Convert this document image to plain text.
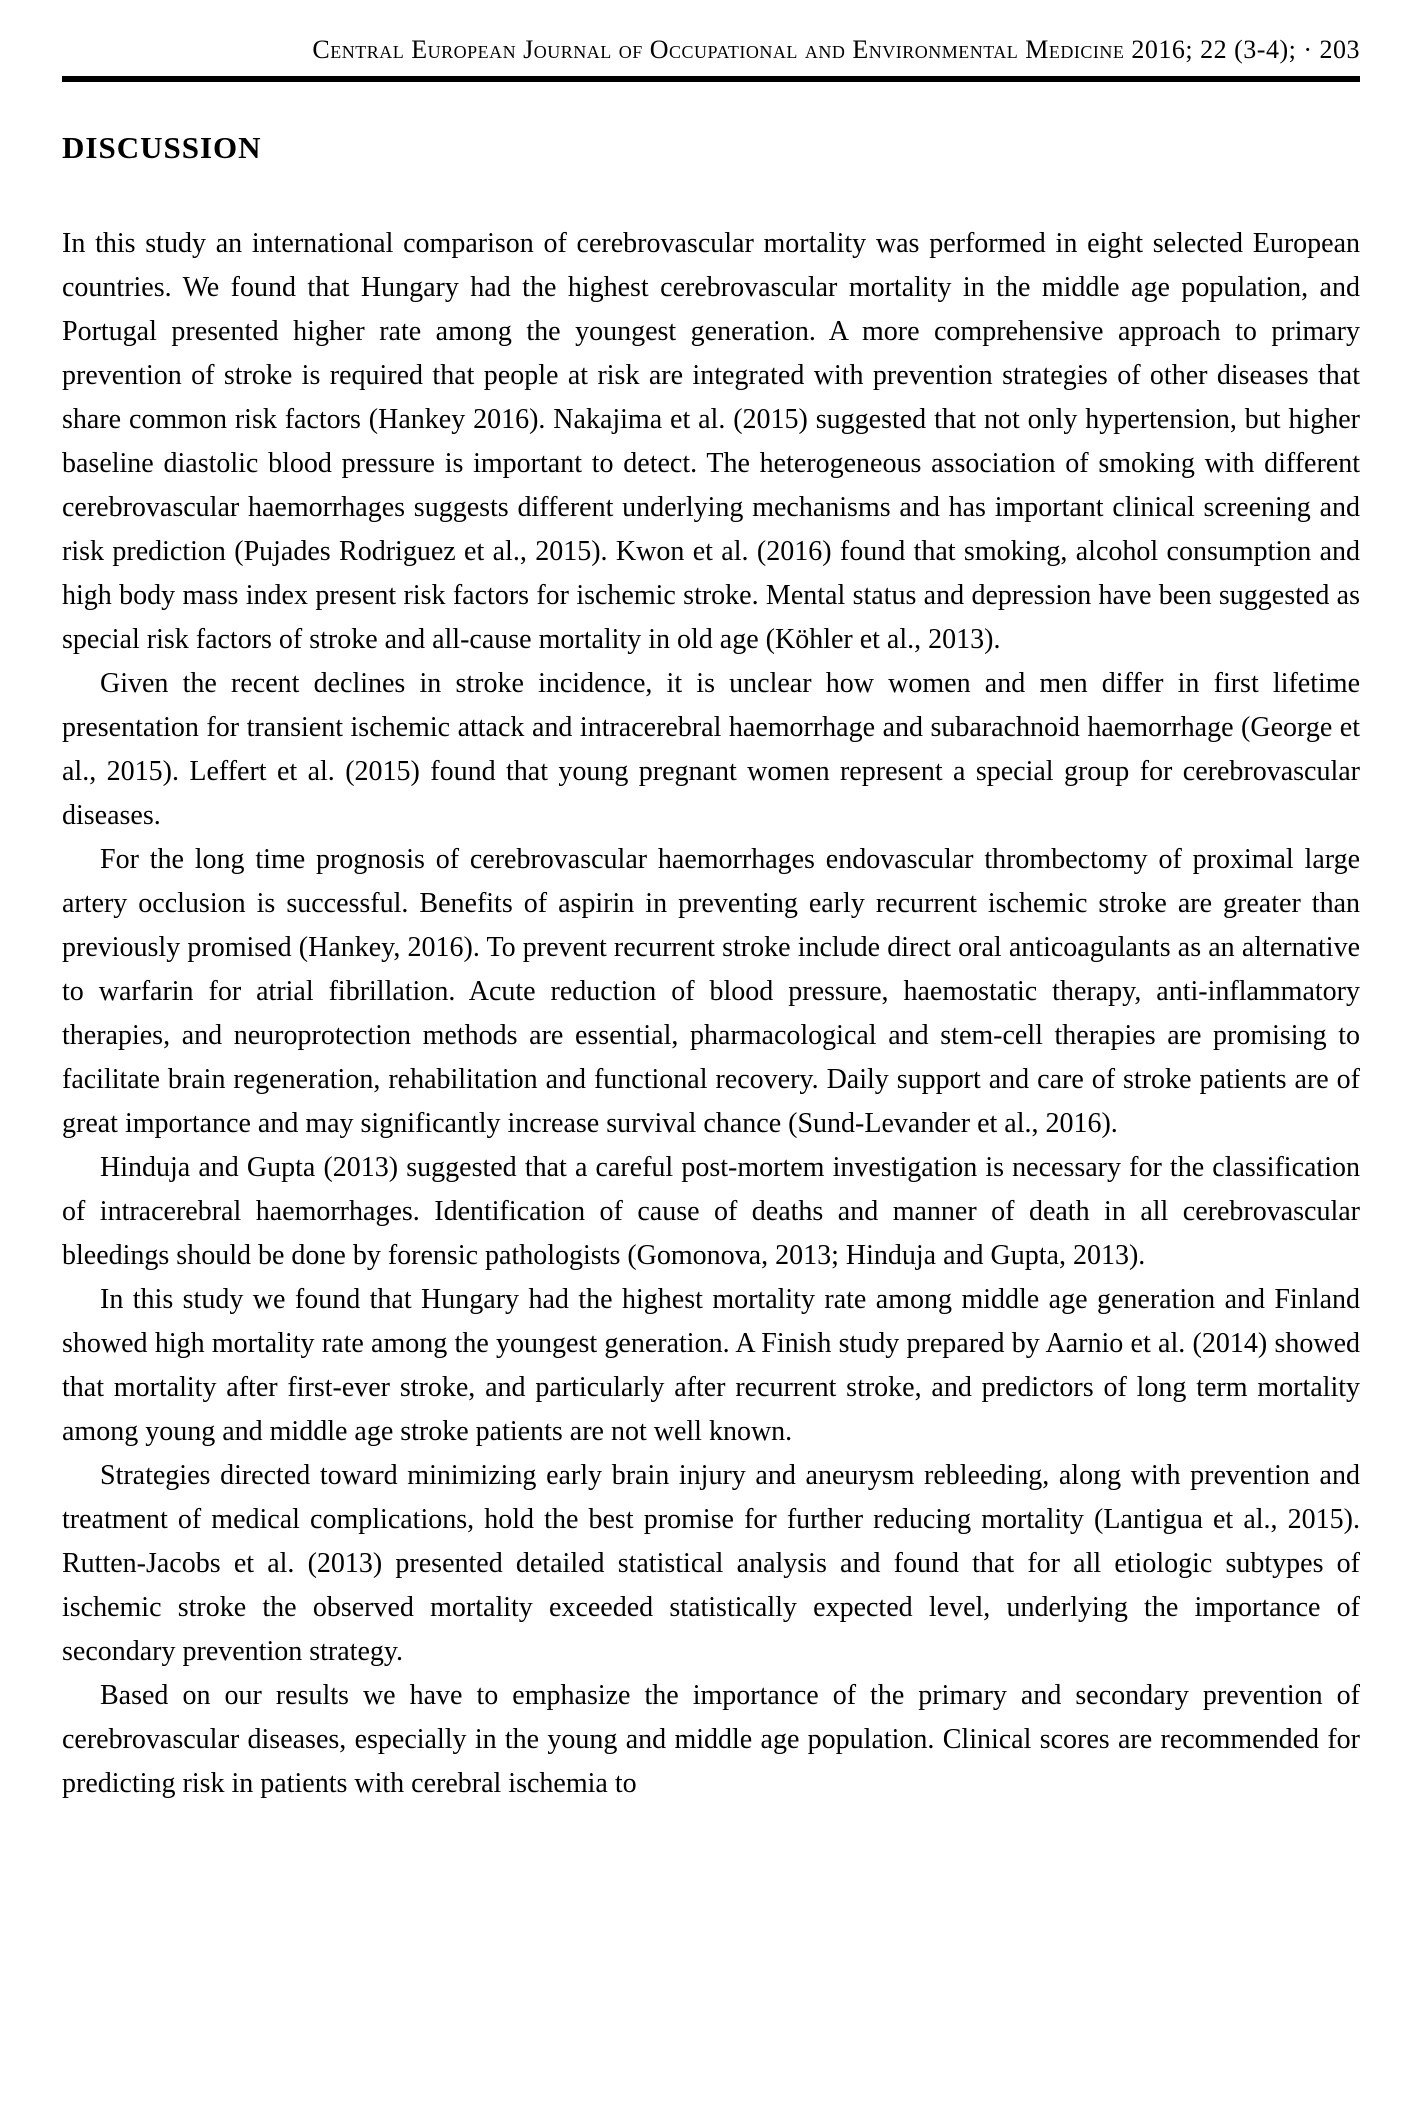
Central European Journal of Occupational and Environmental Medicine 2016; 22 (3-4); · 203
DISCUSSION

In this study an international comparison of cerebrovascular mortality was performed in eight selected European countries. We found that Hungary had the highest cerebrovascular mortality in the middle age population, and Portugal presented higher rate among the youngest generation. A more comprehensive approach to primary prevention of stroke is required that people at risk are integrated with prevention strategies of other diseases that share common risk factors (Hankey 2016). Nakajima et al. (2015) suggested that not only hypertension, but higher baseline diastolic blood pressure is important to detect. The heterogeneous association of smoking with different cerebrovascular haemorrhages suggests different underlying mechanisms and has important clinical screening and risk prediction (Pujades Rodriguez et al., 2015). Kwon et al. (2016) found that smoking, alcohol consumption and high body mass index present risk factors for ischemic stroke. Mental status and depression have been suggested as special risk factors of stroke and all-cause mortality in old age (Köhler et al., 2013).

Given the recent declines in stroke incidence, it is unclear how women and men differ in first lifetime presentation for transient ischemic attack and intracerebral haemorrhage and subarachnoid haemorrhage (George et al., 2015). Leffert et al. (2015) found that young pregnant women represent a special group for cerebrovascular diseases.

For the long time prognosis of cerebrovascular haemorrhages endovascular thrombectomy of proximal large artery occlusion is successful. Benefits of aspirin in preventing early recurrent ischemic stroke are greater than previously promised (Hankey, 2016). To prevent recurrent stroke include direct oral anticoagulants as an alternative to warfarin for atrial fibrillation. Acute reduction of blood pressure, haemostatic therapy, anti-inflammatory therapies, and neuroprotection methods are essential, pharmacological and stem-cell therapies are promising to facilitate brain regeneration, rehabilitation and functional recovery. Daily support and care of stroke patients are of great importance and may significantly increase survival chance (Sund-Levander et al., 2016).

Hinduja and Gupta (2013) suggested that a careful post-mortem investigation is necessary for the classification of intracerebral haemorrhages. Identification of cause of deaths and manner of death in all cerebrovascular bleedings should be done by forensic pathologists (Gomonova, 2013; Hinduja and Gupta, 2013).

In this study we found that Hungary had the highest mortality rate among middle age generation and Finland showed high mortality rate among the youngest generation. A Finish study prepared by Aarnio et al. (2014) showed that mortality after first-ever stroke, and particularly after recurrent stroke, and predictors of long term mortality among young and middle age stroke patients are not well known.

Strategies directed toward minimizing early brain injury and aneurysm rebleeding, along with prevention and treatment of medical complications, hold the best promise for further reducing mortality (Lantigua et al., 2015). Rutten-Jacobs et al. (2013) presented detailed statistical analysis and found that for all etiologic subtypes of ischemic stroke the observed mortality exceeded statistically expected level, underlying the importance of secondary prevention strategy.

Based on our results we have to emphasize the importance of the primary and secondary prevention of cerebrovascular diseases, especially in the young and middle age population. Clinical scores are recommended for predicting risk in patients with cerebral ischemia to
